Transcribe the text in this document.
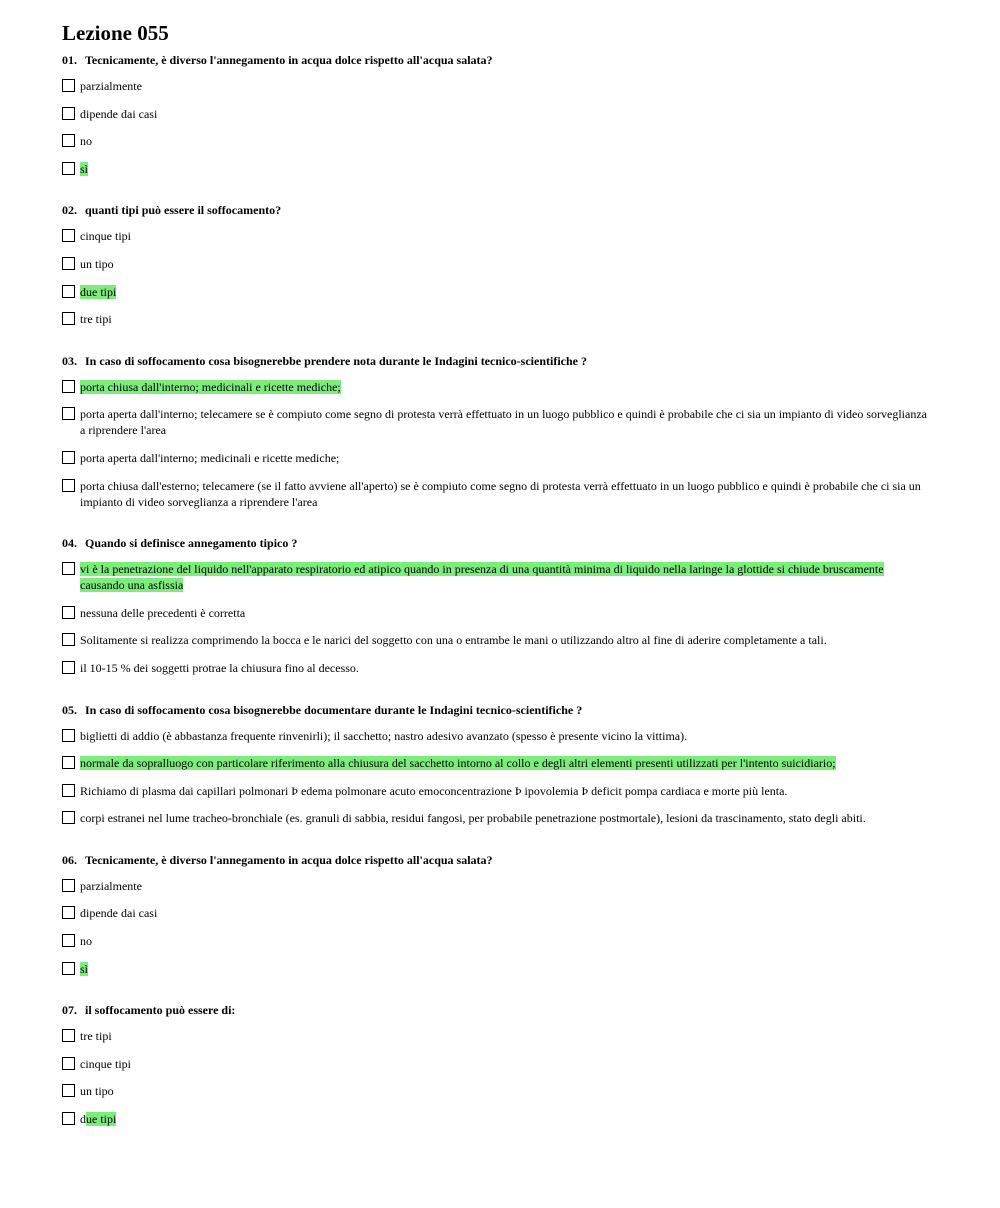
Lezione 055

01. Tecnicamente, è diverso l'annegamento in acqua dolce rispetto all'acqua salata?

parzialmente
dipende dai casi
no
sì

02. quanti tipi può essere il soffocamento?

cinque tipi
un tipo
due tipi
tre tipi

03. In caso di soffocamento cosa bisognerebbe prendere nota durante le Indagini tecnico-scientifiche ?

porta chiusa dall'interno; medicinali e ricette mediche;
porta aperta dall'interno; telecamere se è compiuto come segno di protesta verrà effettuato in un luogo pubblico e quindi è probabile che ci sia un impianto di video sorveglianza a riprendere l'area
porta aperta dall'interno; medicinali e ricette mediche;
porta chiusa dall'esterno; telecamere (se il fatto avviene all'aperto) se è compiuto come segno di protesta verrà effettuato in un luogo pubblico e quindi è probabile che ci sia un impianto di video sorveglianza a riprendere l'area

04. Quando si definisce annegamento tipico ?

vi è la penetrazione del liquido nell'apparato respiratorio ed atipico quando in presenza di una quantità minima di liquido nella laringe la glottide si chiude bruscamente causando una asfissia
nessuna delle precedenti è corretta
Solitamente si realizza comprimendo la bocca e le narici del soggetto con una o entrambe le mani o utilizzando altro al fine di aderire completamente a tali.
il 10-15 % dei soggetti protrae la chiusura fino al decesso.

05. In caso di soffocamento cosa bisognerebbe documentare durante le Indagini tecnico-scientifiche ?

biglietti di addio (è abbastanza frequente rinvenirli); il sacchetto; nastro adesivo avanzato (spesso è presente vicino la vittima).
normale da sopralluogo con particolare riferimento alla chiusura del sacchetto intorno al collo e degli altri elementi presenti utilizzati per l'intento suicidiario;
Richiamo di plasma dai capillari polmonari Þ edema polmonare acuto emoconcentrazione Þ ipovolemia Þ deficit pompa cardiaca e morte più lenta.
corpi estranei nel lume tracheo-bronchiale (es. granuli di sabbia, residui fangosi, per probabile penetrazione postmortale), lesioni da trascinamento, stato degli abiti.

06. Tecnicamente, è diverso l'annegamento in acqua dolce rispetto all'acqua salata?

parzialmente
dipende dai casi
no
sì

07. il soffocamento può essere di:

tre tipi
cinque tipi
un tipo
due tipi
